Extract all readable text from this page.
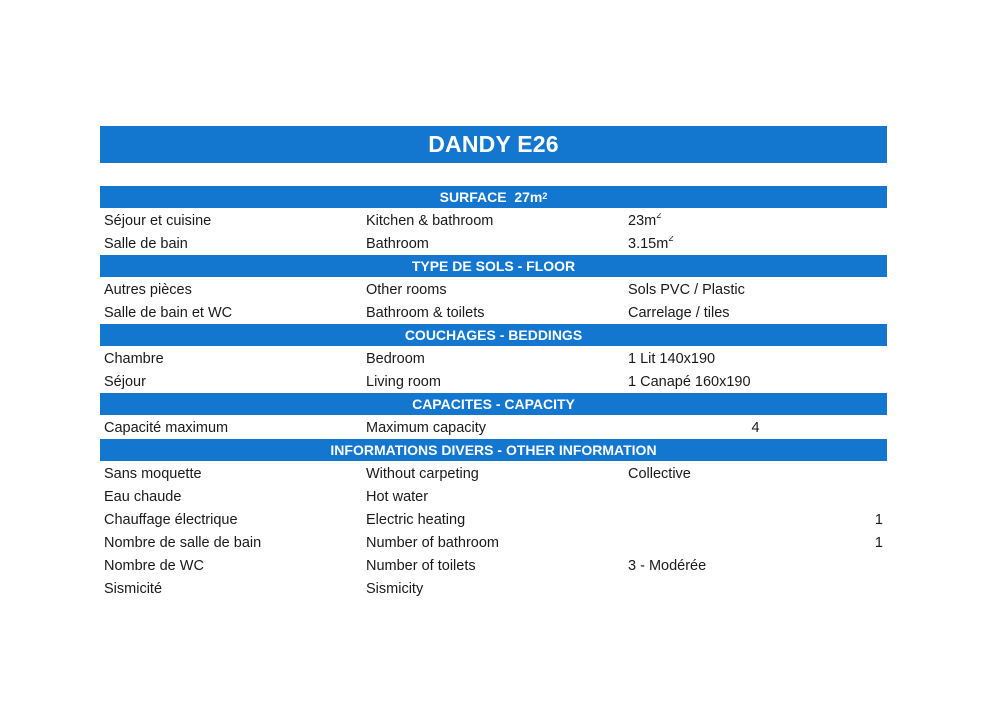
DANDY E26
SURFACE  $27m^2$
Séjour et cuisine	Kitchen & bathroom	$23m^2$
Salle de bain	Bathroom	$3.15m^2$
TYPE DE SOLS - FLOOR
Autres pièces	Other rooms	Sols PVC / Plastic
Salle de bain et WC	Bathroom & toilets	Carrelage / tiles
COUCHAGES - BEDDINGS
Chambre	Bedroom	1 Lit 140x190
Séjour	Living room	1 Canapé 160x190
CAPACITES - CAPACITY
Capacité maximum	Maximum capacity	4
INFORMATIONS DIVERS - OTHER INFORMATION
Sans moquette	Without carpeting	Collective
Eau chaude	Hot water
Chauffage électrique	Electric heating	1
Nombre de salle de bain	Number of bathroom	1
Nombre de WC	Number of toilets	3 - Modérée
Sismicité	Sismicity
